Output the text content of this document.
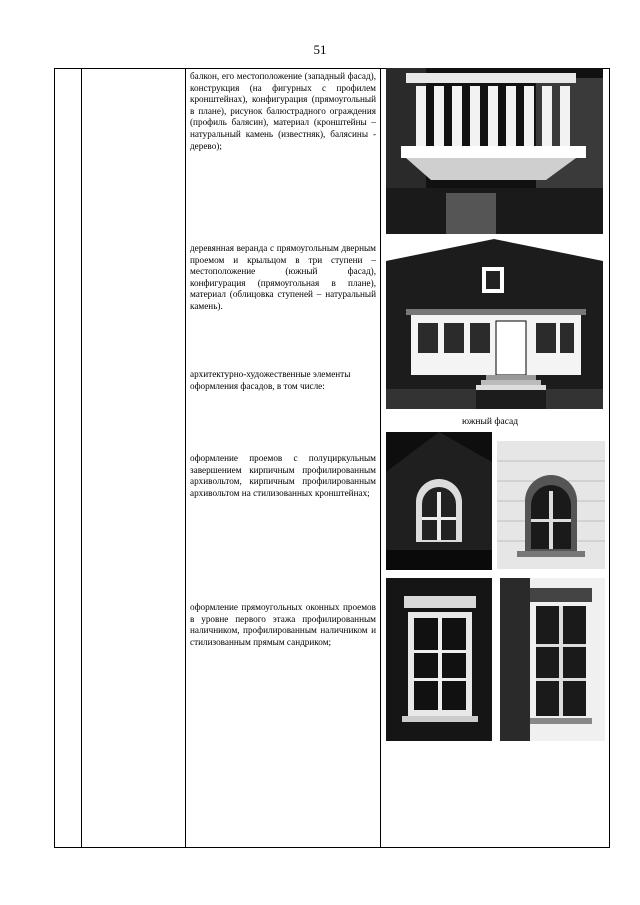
51
балкон, его местоположение (западный фасад), конструкция (на фигурных с профилем кронштейнах), конфигурация (прямоугольный в плане), рисунок балюстрадного ограждения (профиль балясин), материал (кронштейны – натуральный камень (известняк), балясины - дерево);
деревянная веранда с прямоугольным дверным проемом и крыльцом в три ступени – местоположение (южный фасад), конфигурация (прямоугольная в плане), материал (облицовка ступеней – натуральный камень).
архитектурно-художественные элементы оформления фасадов, в том числе:
оформление проемов с полуциркульным завершением кирпичным профилированным архивольтом, кирпичным профилированным архивольтом на стилизованных кронштейнах;
оформление прямоугольных оконных проемов в уровне первого этажа профилированным наличником, профилированным наличником и стилизованным прямым сандриком;
южный фасад
